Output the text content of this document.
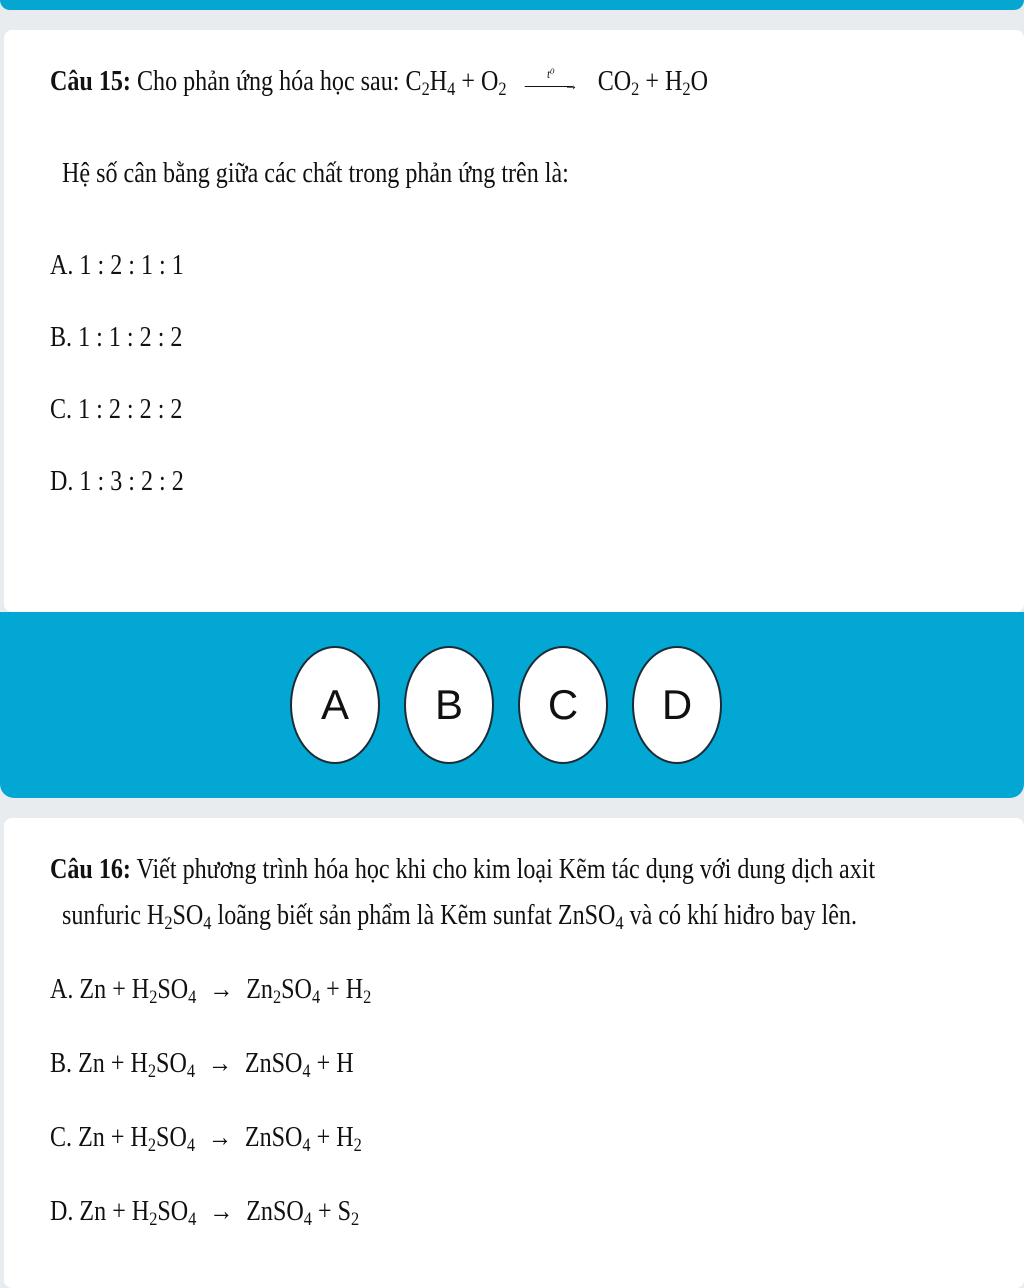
Câu 15: Cho phản ứng hóa học sau: $C_2H_4 + O_2$
t⁰
→ $CO_2 + H_2O$
Hệ số cân bằng giữa các chất trong phản ứng trên là:
A. 1 : 2 : 1 : 1
B. 1 : 1 : 2 : 2
C. 1 : 2 : 2 : 2
D. 1 : 3 : 2 : 2
A	B	C	D
Câu 16: Viết phương trình hóa học khi cho kim loại Kẽm tác dụng với dung dịch axit
sunfuric $H_2SO_4$ loãng biết sản phẩm là Kẽm sunfat ZnSO$_4$ và có khí hiđro bay lên.
A. $Zn + H_2SO_4 \to Zn_2SO_4 + H_2$
B. $Zn + H_2SO_4$ → ZnSO$_4$ + H
C. $Zn + H_2SO_4$ → ZnSO$_4$ + $H_2$
D. $Zn + H_2SO_4$ → ZnSO$_4$ + $S_2$
